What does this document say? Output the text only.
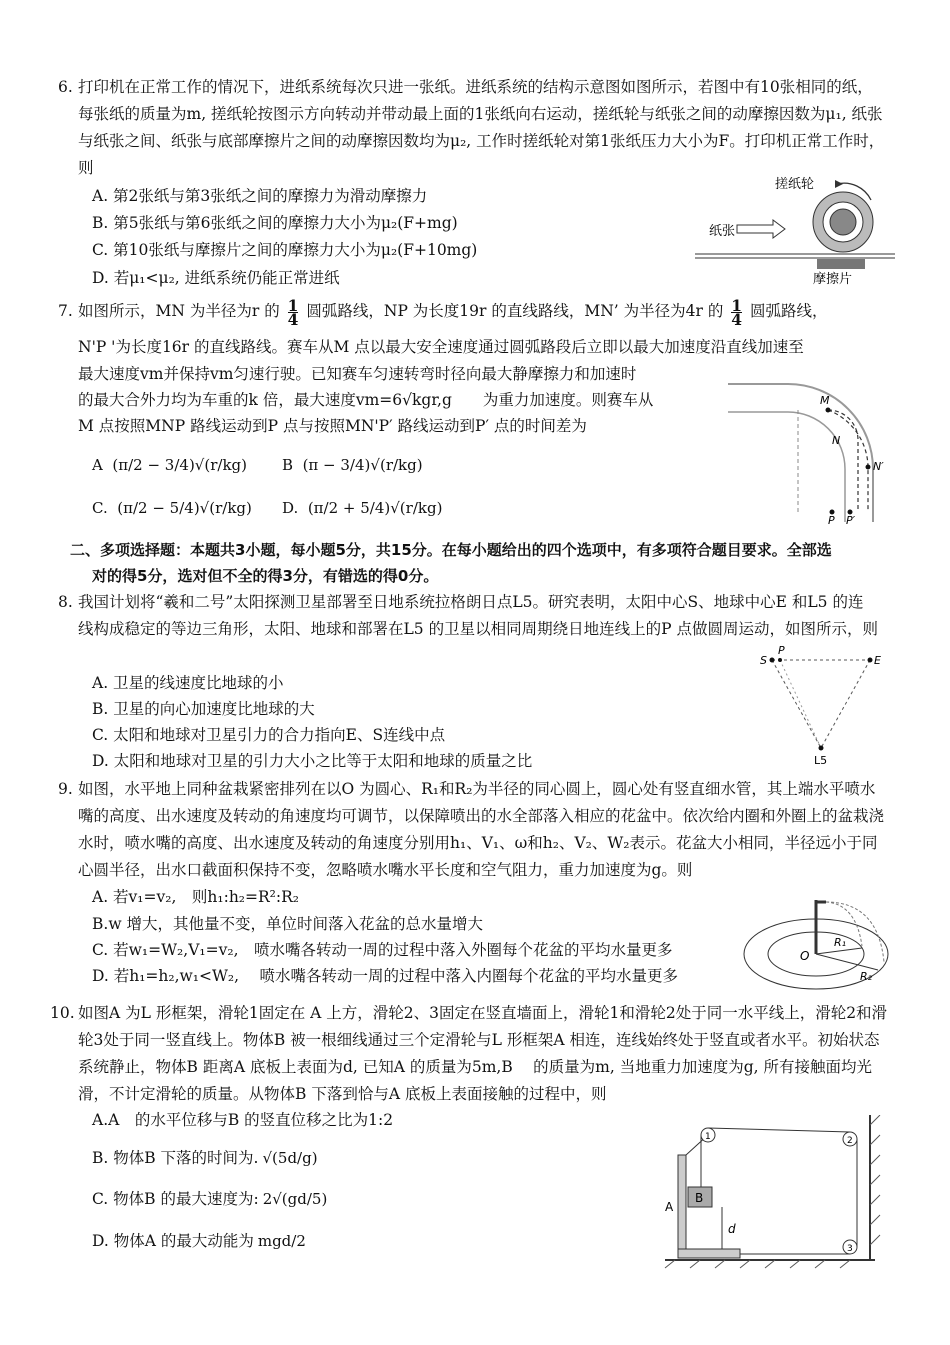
6. 打印机在正常工作的情况下，进纸系统每次只进一张纸。进纸系统的结构示意图如图所示，若图中有10张相同的纸，每张纸的质量为m, 搓纸轮按图示方向转动并带动最上面的1张纸向右运动，搓纸轮与纸张之间的动摩擦因数为μ₁, 纸张与纸张之间、纸张与底部摩擦片之间的动摩擦因数均为μ₂, 工作时搓纸轮对第1张纸压力大小为F。打印机正常工作时，则
A. 第2张纸与第3张纸之间的摩擦力为滑动摩擦力
B. 第5张纸与第6张纸之间的摩擦力大小为μ₂(F+mg)
C. 第10张纸与摩擦片之间的摩擦力大小为μ₂(F+10mg)
D. 若μ₁<μ₂, 进纸系统仍能正常进纸
搓纸轮
纸张
摩擦片
7. 如图所示，MN 为半径为r 的 $\frac{1}{4}$ 圆弧路线，NP 为长度19r 的直线路线，MN’ 为半径为4r 的 $\frac{1}{4}$ 圆弧路线，
N'P '为长度16r 的直线路线。赛车从M 点以最大安全速度通过圆弧路段后立即以最大加速度沿直线加速至
最大速度vm并保持vm匀速行驶。已知赛车匀速转弯时径向最大静摩擦力和加速时
的最大合外力均为车重的k 倍，最大速度vm=6√kgr,g　　为重力加速度。则赛车从
M 点按照MNP 路线运动到P 点与按照MN'P′ 路线运动到P′ 点的时间差为
A (π/2 − 3/4)√(r/kg) B (π − 3/4)√(r/kg)
C. (π/2 − 5/4)√(r/kg) D. (π/2 + 5/4)√(r/kg)
M
N
N′
P P′
二、多项选择题：本题共3小题，每小题5分，共15分。在每小题给出的四个选项中，有多项符合题目要求。全部选
对的得5分，选对但不全的得3分，有错选的得0分。
8. 我国计划将“羲和二号”太阳探测卫星部署至日地系统拉格朗日点L5。研究表明，太阳中心S、地球中心E 和L5 的连线构成稳定的等边三角形，太阳、地球和部署在L5 的卫星以相同周期绕日地连线上的P 点做圆周运动，如图所示，则
A. 卫星的线速度比地球的小
B. 卫星的向心加速度比地球的大
C. 太阳和地球对卫星引力的合力指向E、S连线中点
D. 太阳和地球对卫星的引力大小之比等于太阳和地球的质量之比
S
P
E
L5
9. 如图，水平地上同种盆栽紧密排列在以O 为圆心、R₁和R₂为半径的同心圆上，圆心处有竖直细水管，其上端水平喷水嘴的高度、出水速度及转动的角速度均可调节，以保障喷出的水全部落入相应的花盆中。依次给内圈和外圈上的盆栽浇水时，喷水嘴的高度、出水速度及转动的角速度分别用h₁、V₁、ω和h₂、V₂、W₂表示。花盆大小相同，半径远小于同心圆半径，出水口截面积保持不变，忽略喷水嘴水平长度和空气阻力，重力加速度为g。则
A. 若v₁=v₂,　则h₁:h₂=R²:R₂
B.w 增大，其他量不变，单位时间落入花盆的总水量增大
C. 若w₁=W₂,V₁=v₂,　喷水嘴各转动一周的过程中落入外圈每个花盆的平均水量更多
D. 若h₁=h₂,w₁<W₂,　 喷水嘴各转动一周的过程中落入内圈每个花盆的平均水量更多
O
R₁
R₂
10. 如图A 为L 形框架，滑轮1固定在 A 上方，滑轮2、3固定在竖直墙面上，滑轮1和滑轮2处于同一水平线上，滑轮2和滑轮3处于同一竖直线上。物体B 被一根细线通过三个定滑轮与L 形框架A 相连，连线始终处于竖直或者水平。初始状态系统静止，物体B 距离A 底板上表面为d, 已知A 的质量为5m,B　 的质量为m, 当地重力加速度为g, 所有接触面均光滑，不计定滑轮的质量。从物体B 下落到恰与A 底板上表面接触的过程中，则
A.A　的水平位移与B 的竖直位移之比为1:2
B. 物体B 下落的时间为. √(5d/g)
C. 物体B 的最大速度为: 2√(gd/5)
D. 物体A 的最大动能为 mgd/2
1	2
3
B
d
A
